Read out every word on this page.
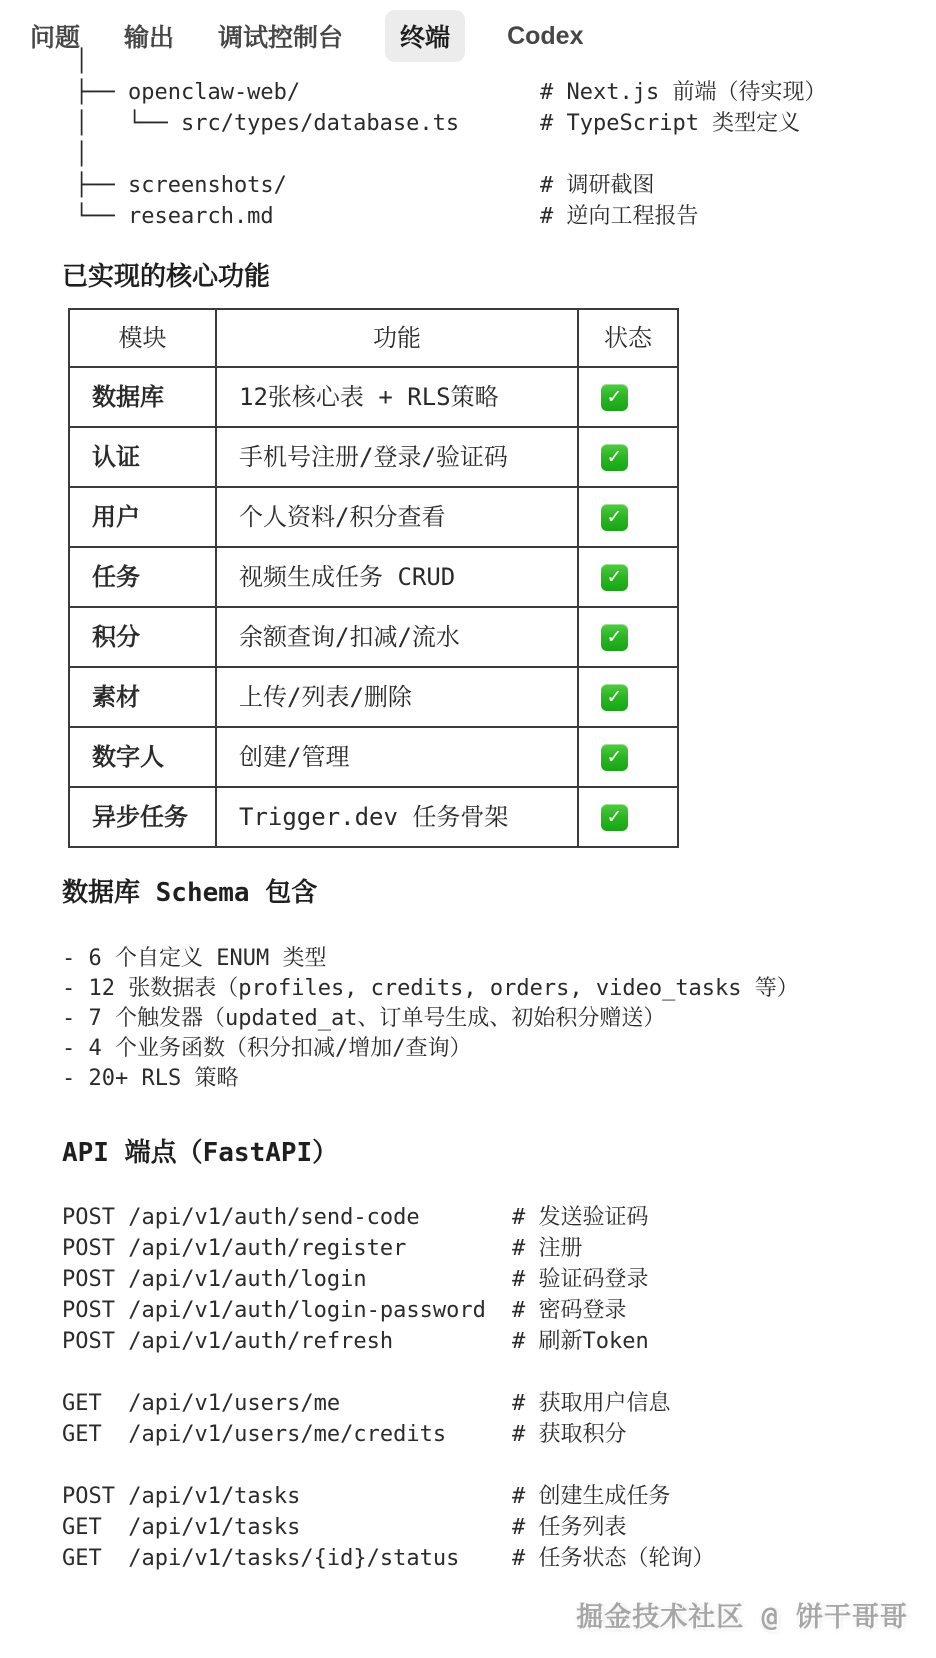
问题 输出 调试控制台	终端	Codex
│
├── openclaw-web/	# Next.js 前端（待实现）
│   └── src/types/database.ts	# TypeScript 类型定义
│
├── screenshots/	# 调研截图
└── research.md	# 逆向工程报告
已实现的核心功能
模块	功能	状态
数据库	12张核心表 + RLS策略	✓

认证	手机号注册/登录/验证码	✓

用户	个人资料/积分查看	✓

任务	视频生成任务 CRUD	✓

积分	余额查询/扣减/流水	✓

素材	上传/列表/删除	✓

数字人	创建/管理	✓

异步任务	Trigger.dev 任务骨架	✓
数据库 Schema 包含
- 6 个自定义 ENUM 类型
- 12 张数据表（profiles, credits, orders, video_tasks 等）
- 7 个触发器（updated_at、订单号生成、初始积分赠送）
- 4 个业务函数（积分扣减/增加/查询）
- 20+ RLS 策略
API 端点（FastAPI）
POST /api/v1/auth/send-code	# 发送验证码
POST /api/v1/auth/register	# 注册
POST /api/v1/auth/login	# 验证码登录
POST /api/v1/auth/login-password	# 密码登录
POST /api/v1/auth/refresh	# 刷新Token
GET  /api/v1/users/me	# 获取用户信息
GET  /api/v1/users/me/credits	# 获取积分
POST /api/v1/tasks	# 创建生成任务
GET  /api/v1/tasks	# 任务列表
GET  /api/v1/tasks/{id}/status	# 任务状态（轮询）
掘金技术社区 @ 饼干哥哥
